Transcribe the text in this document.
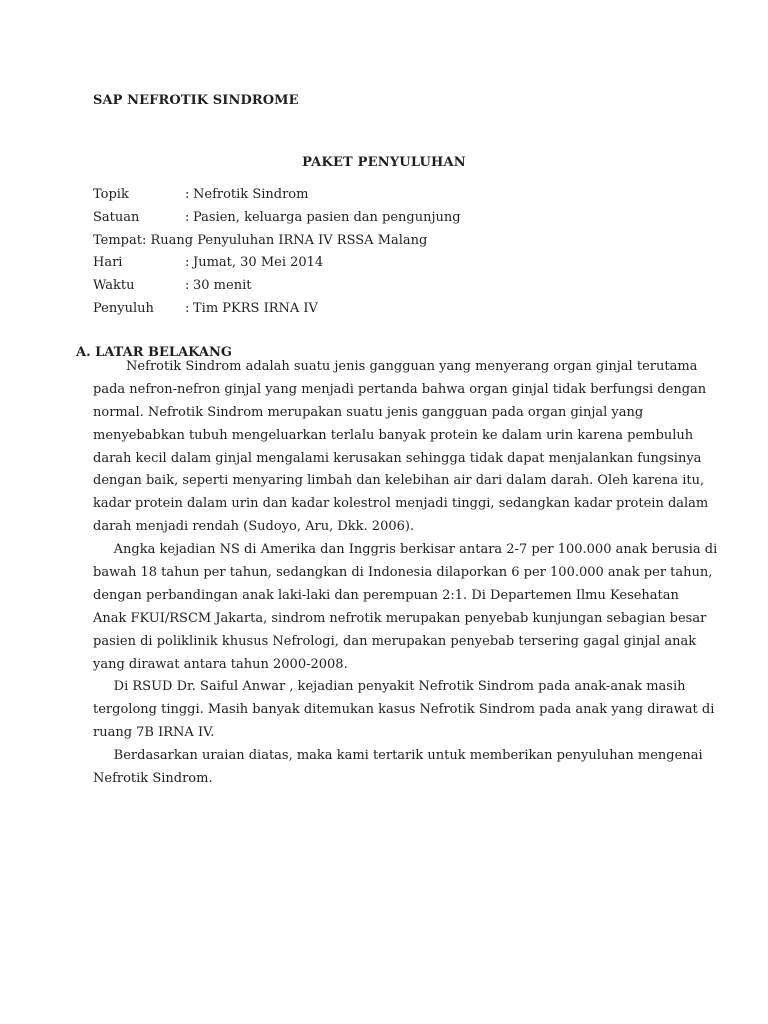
SAP NEFROTIK SINDROME
PAKET PENYULUHAN
Topik	: Nefrotik Sindrom
Satuan	: Pasien, keluarga pasien dan pengunjung
Tempat: Ruang Penyuluhan IRNA IV RSSA Malang
Hari	: Jumat, 30 Mei 2014
Waktu	: 30 menit
Penyuluh : Tim PKRS IRNA IV
A. LATAR BELAKANG
Nefrotik Sindrom adalah suatu jenis gangguan yang menyerang organ ginjal terutama
pada nefron-nefron ginjal yang menjadi pertanda bahwa organ ginjal tidak berfungsi dengan
normal. Nefrotik Sindrom merupakan suatu jenis gangguan pada organ ginjal yang
menyebabkan tubuh mengeluarkan terlalu banyak protein ke dalam urin karena pembuluh
darah kecil dalam ginjal mengalami kerusakan sehingga tidak dapat menjalankan fungsinya
dengan baik, seperti menyaring limbah dan kelebihan air dari dalam darah. Oleh karena itu,
kadar protein dalam urin dan kadar kolestrol menjadi tinggi, sedangkan kadar protein dalam
darah menjadi rendah (Sudoyo, Aru, Dkk. 2006).
Angka kejadian NS di Amerika dan Inggris berkisar antara 2-7 per 100.000 anak berusia di
bawah 18 tahun per tahun, sedangkan di Indonesia dilaporkan 6 per 100.000 anak per tahun,
dengan perbandingan anak laki-laki dan perempuan 2:1. Di Departemen Ilmu Kesehatan
Anak FKUI/RSCM Jakarta, sindrom nefrotik merupakan penyebab kunjungan sebagian besar
pasien di poliklinik khusus Nefrologi, dan merupakan penyebab tersering gagal ginjal anak
yang dirawat antara tahun 2000-2008.
Di RSUD Dr. Saiful Anwar , kejadian penyakit Nefrotik Sindrom pada anak-anak masih
tergolong tinggi. Masih banyak ditemukan kasus Nefrotik Sindrom pada anak yang dirawat di
ruang 7B IRNA IV.
Berdasarkan uraian diatas, maka kami tertarik untuk memberikan penyuluhan mengenai
Nefrotik Sindrom.
